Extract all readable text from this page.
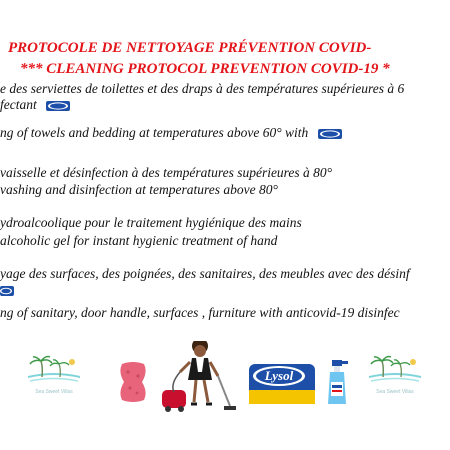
PROTOCOLE DE NETTOYAGE PRÉVENTION COVID-
*** CLEANING PROTOCOL PREVENTION COVID-19 *

e des serviettes de toilettes et des draps à des températures supérieures à 6

fectant

ng of towels and bedding at temperatures above 60° with

vaisselle et désinfection à des températures supérieures à 80°

vashing and disinfection at temperatures above 80°

ydroalcoolique pour le traitement hygiénique des mains

alcoholic gel for instant hygienic treatment of hand

yage des surfaces, des poignées, des sanitaires, des meubles avec des désinf

ng of sanitary, door handle, surfaces , furniture with anticovid-19 disinfec

Sea Sweet Villas
Lysol
Sea Sweet Villas
